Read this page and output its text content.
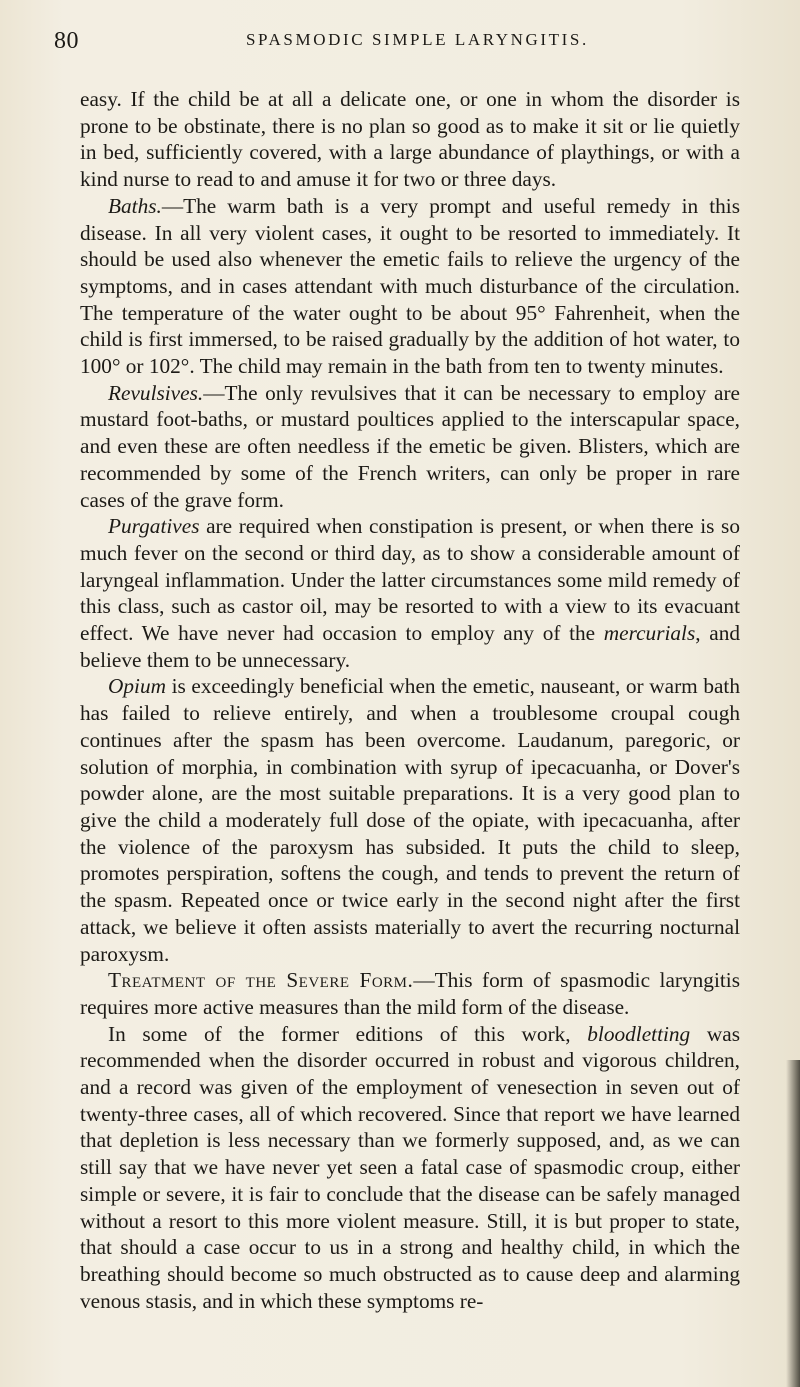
80	SPASMODIC SIMPLE LARYNGITIS.

easy. If the child be at all a delicate one, or one in whom the disorder is prone to be obstinate, there is no plan so good as to make it sit or lie quietly in bed, sufficiently covered, with a large abundance of playthings, or with a kind nurse to read to and amuse it for two or three days.

Baths.—The warm bath is a very prompt and useful remedy in this disease. In all very violent cases, it ought to be resorted to immediately. It should be used also whenever the emetic fails to relieve the urgency of the symptoms, and in cases attendant with much disturbance of the circulation. The temperature of the water ought to be about 95° Fahrenheit, when the child is first immersed, to be raised gradually by the addition of hot water, to 100° or 102°. The child may remain in the bath from ten to twenty minutes.

Revulsives.—The only revulsives that it can be necessary to employ are mustard foot-baths, or mustard poultices applied to the interscapular space, and even these are often needless if the emetic be given. Blisters, which are recommended by some of the French writers, can only be proper in rare cases of the grave form.

Purgatives are required when constipation is present, or when there is so much fever on the second or third day, as to show a considerable amount of laryngeal inflammation. Under the latter circumstances some mild remedy of this class, such as castor oil, may be resorted to with a view to its evacuant effect. We have never had occasion to employ any of the mercurials, and believe them to be unnecessary.

Opium is exceedingly beneficial when the emetic, nauseant, or warm bath has failed to relieve entirely, and when a troublesome croupal cough continues after the spasm has been overcome. Laudanum, paregoric, or solution of morphia, in combination with syrup of ipecacuanha, or Dover's powder alone, are the most suitable preparations. It is a very good plan to give the child a moderately full dose of the opiate, with ipecacuanha, after the violence of the paroxysm has subsided. It puts the child to sleep, promotes perspiration, softens the cough, and tends to prevent the return of the spasm. Repeated once or twice early in the second night after the first attack, we believe it often assists materially to avert the recurring nocturnal paroxysm.

Treatment of the Severe Form.—This form of spasmodic laryngitis requires more active measures than the mild form of the disease.

In some of the former editions of this work, bloodletting was recommended when the disorder occurred in robust and vigorous children, and a record was given of the employment of venesection in seven out of twenty-three cases, all of which recovered. Since that report we have learned that depletion is less necessary than we formerly supposed, and, as we can still say that we have never yet seen a fatal case of spasmodic croup, either simple or severe, it is fair to conclude that the disease can be safely managed without a resort to this more violent measure. Still, it is but proper to state, that should a case occur to us in a strong and healthy child, in which the breathing should become so much obstructed as to cause deep and alarming venous stasis, and in which these symptoms re-
